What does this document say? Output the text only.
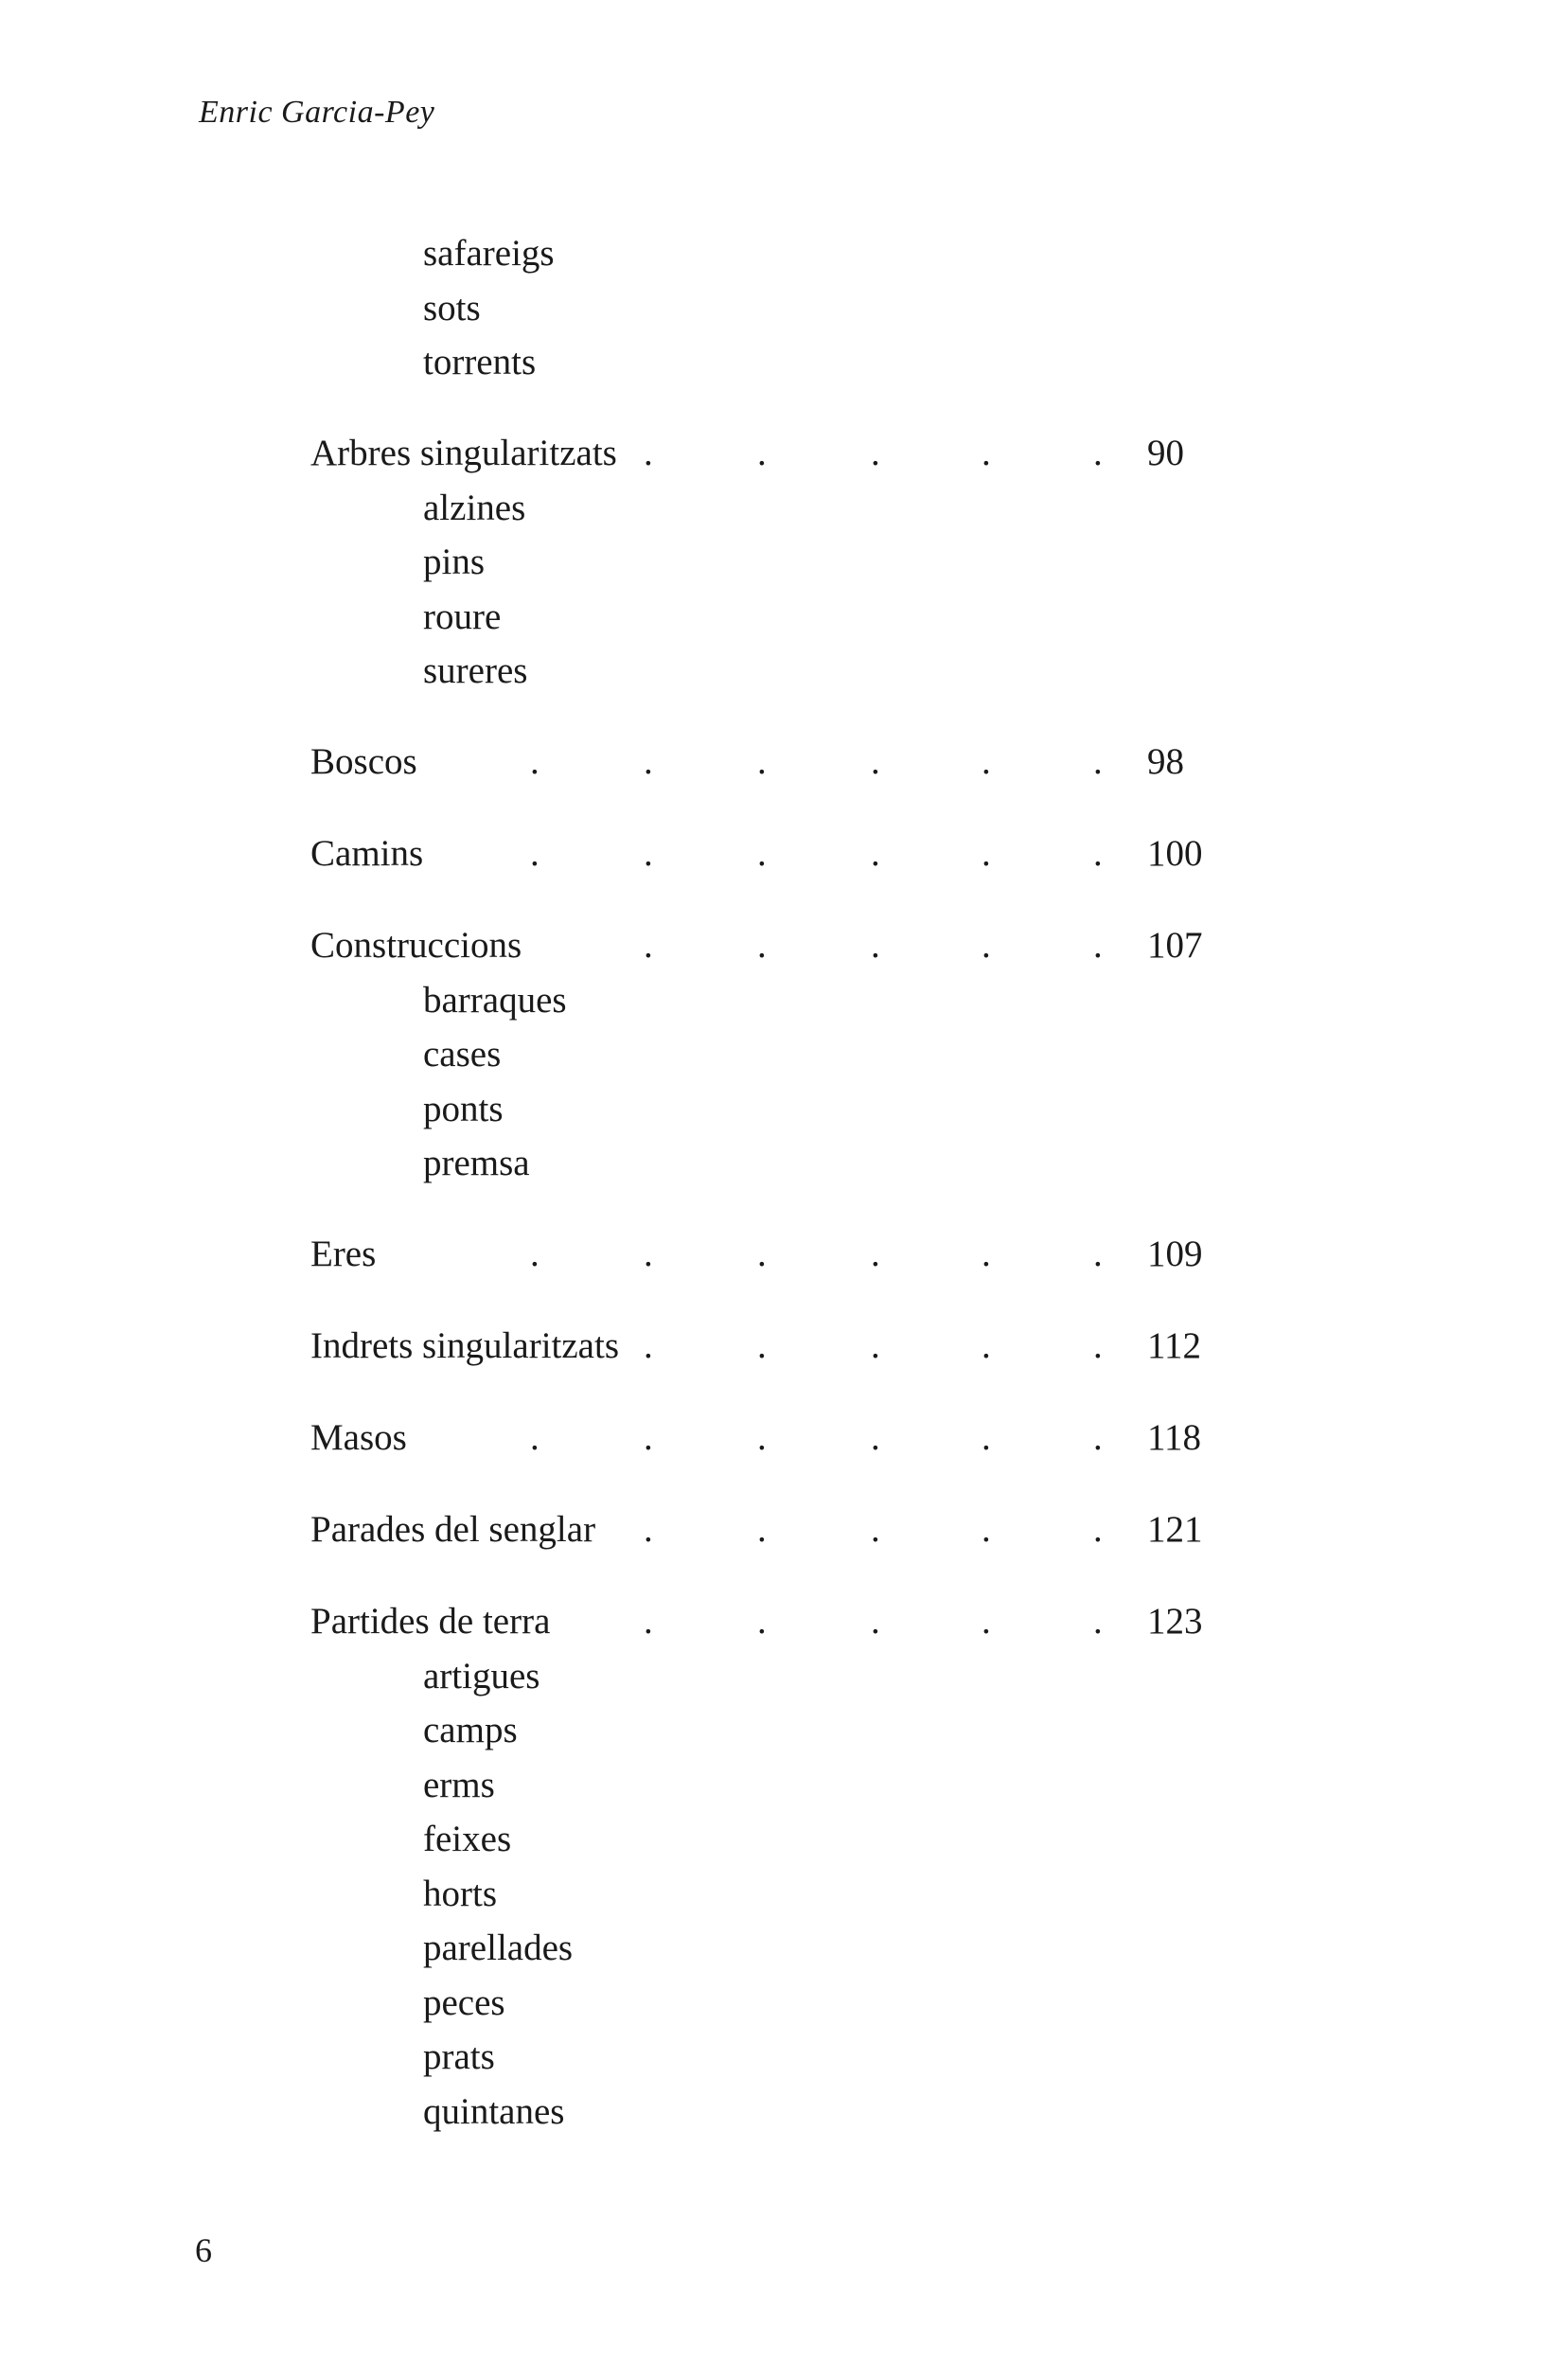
Enric Garcia-Pey
safareigs
sots
torrents
Arbres singularitzats .	.	.	.	. 90
alzines
pins
roure
sureres
Boscos	.	.	.	.	.	. 98
Camins	.	.	.	.	.	. 100
Construccions	.	.	.	.	. 107
barraques
cases
ponts
premsa
Eres	.	.	.	.	.	. 109
Indrets singularitzats .	.	.	.	. 112
Masos	.	.	.	.	.	. 118
Parades del senglar .	.	.	.	. 121
Partides de terra	.	.	.	.	. 123
artigues
camps
erms
feixes
horts
parellades
peces
prats
quintanes
6
